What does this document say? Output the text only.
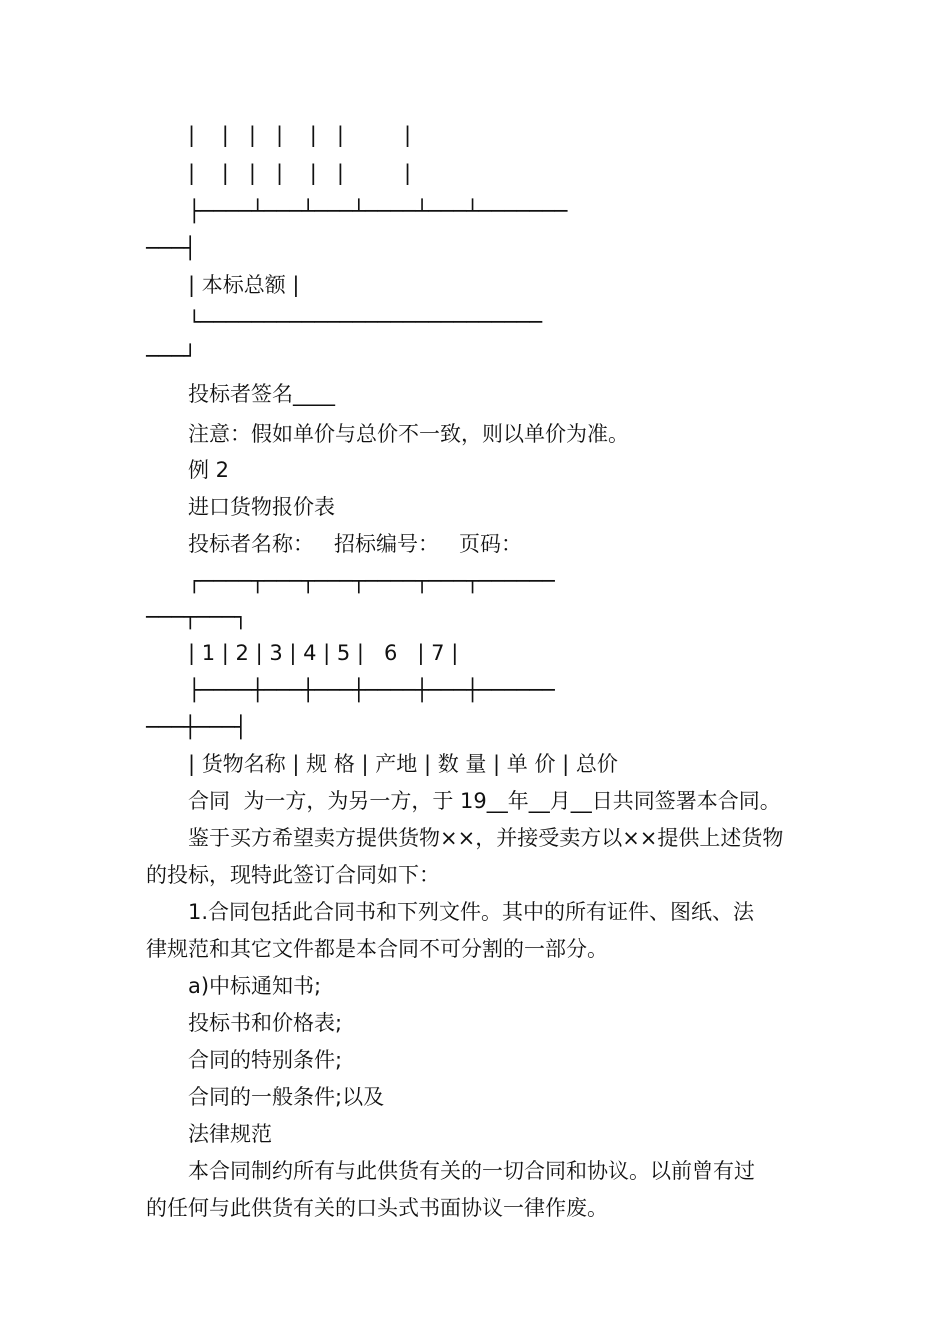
|    |   |   |    |   |         |

|    |   |   |    |   |         |

├────┴───┴───┴────┴───┴───────

───┤

| 本标总额 |

└───────────────────────────

───┘

投标者签名____

注意：假如单价与总价不一致，则以单价为准。

例 2

进口货物报价表

投标者名称：   招标编号：   页码：

┌────┬───┬───┬────┬───┬──────

───┬───┐

| 1 | 2 | 3 | 4 | 5 |   6   | 7 |

├────┼───┼───┼────┼───┼──────

───┼───┤

| 货物名称 | 规 格 | 产地 | 数 量 | 单 价 | 总价

合同  为一方，为另一方，于 19__年__月__日共同签署本合同。

鉴于买方希望卖方提供货物××，并接受卖方以××提供上述货物

的投标，现特此签订合同如下：

1.合同包括此合同书和下列文件。其中的所有证件、图纸、法

律规范和其它文件都是本合同不可分割的一部分。

a)中标通知书;

投标书和价格表;

合同的特别条件;

合同的一般条件;以及

法律规范

本合同制约所有与此供货有关的一切合同和协议。以前曾有过

的任何与此供货有关的口头式书面协议一律作废。
